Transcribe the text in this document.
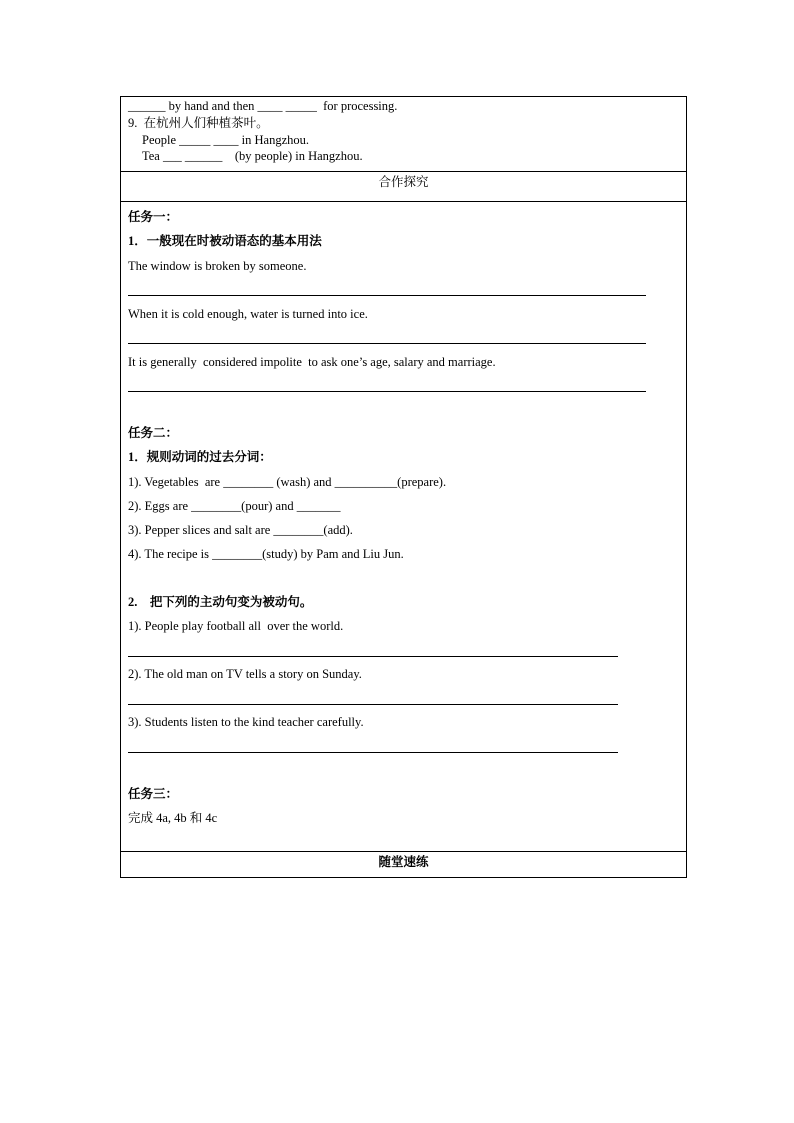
______ by hand and then ____ _____  for processing.
9.  在杭州人们种植茶叶。
People _____ ____ in Hangzhou.
Tea ___ ______    (by people) in Hangzhou.
合作探究
任务一：
1．一般现在时被动语态的基本用法
The window is broken by someone.
When it is cold enough, water is turned into ice.
It is generally  considered impolite  to ask one’s age, salary and marriage.
任务二：
1．规则动词的过去分词：
1). Vegetables  are ________ (wash) and __________(prepare).
2). Eggs are ________(pour) and _______
3). Pepper slices and salt are ________(add).
4). The recipe is ________(study) by Pam and Liu Jun.
2.    把下列的主动句变为被动句。
1). People play football all  over the world.
2). The old man on TV tells a story on Sunday.
3). Students listen to the kind teacher carefully.
任务三：
完成 4a, 4b 和 4c
随堂速练
